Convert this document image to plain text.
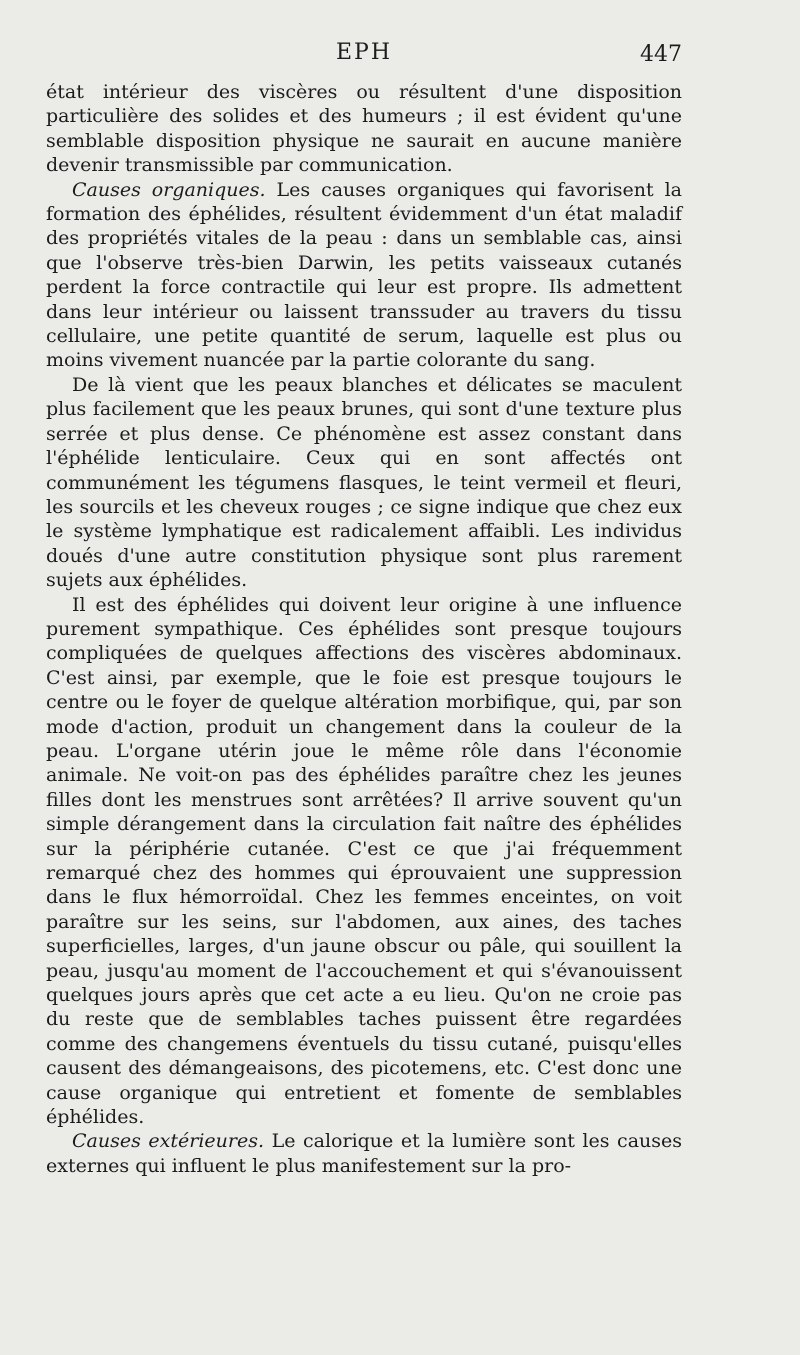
EPH	447

état intérieur des viscères ou résultent d'une disposition particulière des solides et des humeurs ; il est évident qu'une semblable disposition physique ne saurait en aucune manière devenir transmissible par communication.

Causes organiques. Les causes organiques qui favorisent la formation des éphélides, résultent évidemment d'un état maladif des propriétés vitales de la peau : dans un semblable cas, ainsi que l'observe très-bien Darwin, les petits vaisseaux cutanés perdent la force contractile qui leur est propre. Ils admettent dans leur intérieur ou laissent transsuder au travers du tissu cellulaire, une petite quantité de serum, laquelle est plus ou moins vivement nuancée par la partie colorante du sang.

De là vient que les peaux blanches et délicates se maculent plus facilement que les peaux brunes, qui sont d'une texture plus serrée et plus dense. Ce phénomène est assez constant dans l'éphélide lenticulaire. Ceux qui en sont affectés ont communément les tégumens flasques, le teint vermeil et fleuri, les sourcils et les cheveux rouges ; ce signe indique que chez eux le système lymphatique est radicalement affaibli. Les individus doués d'une autre constitution physique sont plus rarement sujets aux éphélides.

Il est des éphélides qui doivent leur origine à une influence purement sympathique. Ces éphélides sont presque toujours compliquées de quelques affections des viscères abdominaux. C'est ainsi, par exemple, que le foie est presque toujours le centre ou le foyer de quelque altération morbifique, qui, par son mode d'action, produit un changement dans la couleur de la peau. L'organe utérin joue le même rôle dans l'économie animale. Ne voit-on pas des éphélides paraître chez les jeunes filles dont les menstrues sont arrêtées? Il arrive souvent qu'un simple dérangement dans la circulation fait naître des éphélides sur la périphérie cutanée. C'est ce que j'ai fréquemment remarqué chez des hommes qui éprouvaient une suppression dans le flux hémorroïdal. Chez les femmes enceintes, on voit paraître sur les seins, sur l'abdomen, aux aines, des taches superficielles, larges, d'un jaune obscur ou pâle, qui souillent la peau, jusqu'au moment de l'accouchement et qui s'évanouissent quelques jours après que cet acte a eu lieu. Qu'on ne croie pas du reste que de semblables taches puissent être regardées comme des changemens éventuels du tissu cutané, puisqu'elles causent des démangeaisons, des picotemens, etc. C'est donc une cause organique qui entretient et fomente de semblables éphélides.

Causes extérieures. Le calorique et la lumière sont les causes externes qui influent le plus manifestement sur la pro-
